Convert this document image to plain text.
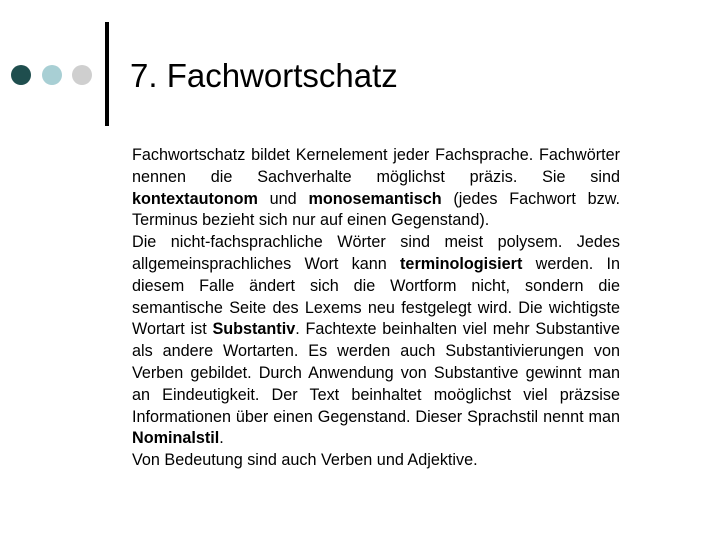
7. Fachwortschatz

Fachwortschatz bildet Kernelement jeder Fachsprache. Fachwörter nennen die Sachverhalte möglichst präzis. Sie sind kontextautonom und monosemantisch (jedes Fachwort bzw. Terminus bezieht sich nur auf einen Gegenstand).

Die nicht-fachsprachliche Wörter sind meist polysem. Jedes allgemeinsprachliches Wort kann terminologisiert werden. In diesem Falle ändert sich die Wortform nicht, sondern die semantische Seite des Lexems neu festgelegt wird. Die wichtigste Wortart ist Substantiv. Fachtexte beinhalten viel mehr Substantive als andere Wortarten. Es werden auch Substantivierungen von Verben gebildet. Durch Anwendung von Substantive gewinnt man an Eindeutigkeit. Der Text beinhaltet moöglichst viel präzsise Informationen über einen Gegenstand. Dieser Sprachstil nennt man Nominalstil.

Von Bedeutung sind auch Verben und Adjektive.
